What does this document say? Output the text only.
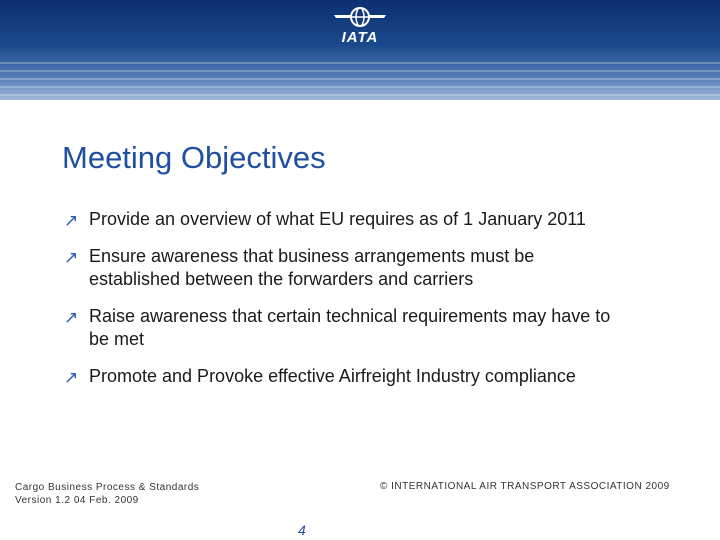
IATA
Meeting Objectives
↗ Provide an overview of what EU requires as of 1 January 2011
↗ Ensure awareness that business arrangements must be
established between the forwarders and carriers
↗ Raise awareness that certain technical requirements may have to
be met
↗ Promote and Provoke effective Airfreight Industry compliance
Cargo Business Process & Standards
Version 1.2 04 Feb. 2009
4
© INTERNATIONAL AIR TRANSPORT ASSOCIATION 2009
